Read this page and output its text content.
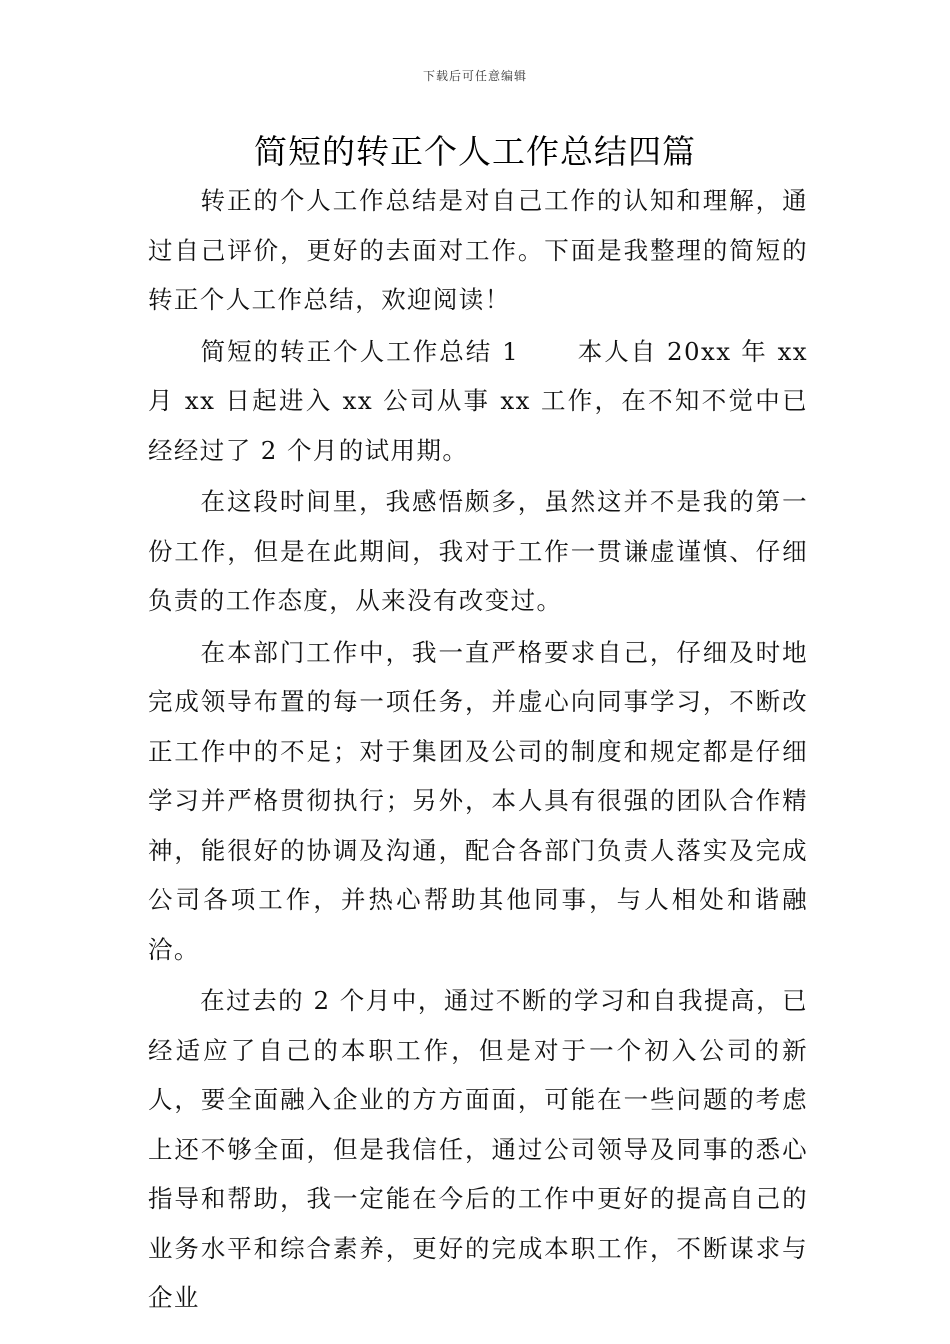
下载后可任意编辑
简短的转正个人工作总结四篇

转正的个人工作总结是对自己工作的认知和理解，通过自己评价，更好的去面对工作。下面是我整理的简短的转正个人工作总结，欢迎阅读！

简短的转正个人工作总结 1 本人自 20xx 年 xx 月 xx 日起进入 xx 公司从事 xx 工作，在不知不觉中已经经过了 2 个月的试用期。

在这段时间里，我感悟颇多，虽然这并不是我的第一份工作，但是在此期间，我对于工作一贯谦虚谨慎、仔细负责的工作态度，从来没有改变过。

在本部门工作中，我一直严格要求自己，仔细及时地完成领导布置的每一项任务，并虚心向同事学习，不断改正工作中的不足；对于集团及公司的制度和规定都是仔细学习并严格贯彻执行；另外，本人具有很强的团队合作精神，能很好的协调及沟通，配合各部门负责人落实及完成公司各项工作，并热心帮助其他同事，与人相处和谐融洽。

在过去的 2 个月中，通过不断的学习和自我提高，已经适应了自己的本职工作，但是对于一个初入公司的新人，要全面融入企业的方方面面，可能在一些问题的考虑上还不够全面，但是我信任，通过公司领导及同事的悉心指导和帮助，我一定能在今后的工作中更好的提高自己的业务水平和综合素养，更好的完成本职工作，不断谋求与企业
